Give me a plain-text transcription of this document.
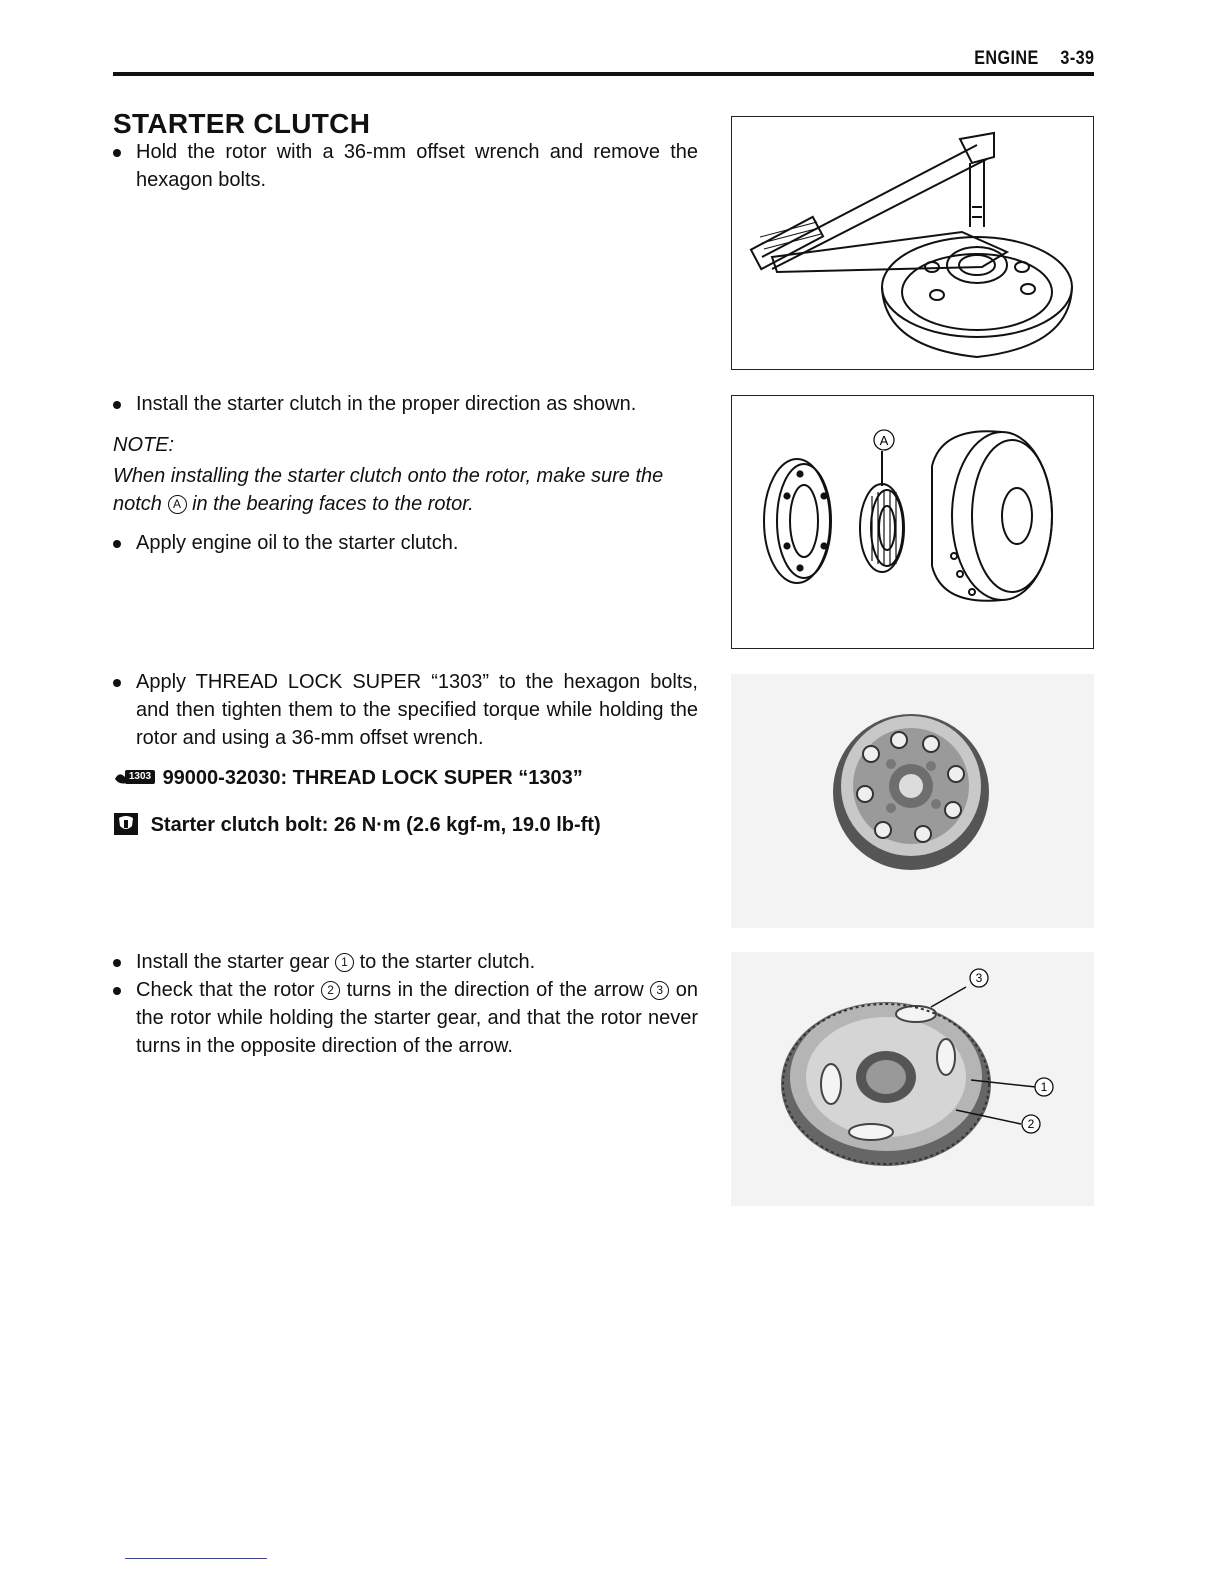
ENGINE 3-39
STARTER CLUTCH
Hold the rotor with a 36-mm offset wrench and remove the hexagon bolts.
Install the starter clutch in the proper direction as shown.
NOTE:
When installing the starter clutch onto the rotor, make sure the notch A in the bearing faces to the rotor.
Apply engine oil to the starter clutch.
A
Apply THREAD LOCK SUPER “1303” to the hexagon bolts, and then tighten them to the specified torque while holding the rotor and using a 36-mm offset wrench.
1303 99000-32030: THREAD LOCK SUPER “1303”
Starter clutch bolt: 26 N·m (2.6 kgf-m, 19.0 lb-ft)
Install the starter gear 1 to the starter clutch.
Check that the rotor 2 turns in the direction of the arrow 3 on the rotor while holding the starter gear, and that the rotor never turns in the opposite direction of the arrow.
3
1
2
